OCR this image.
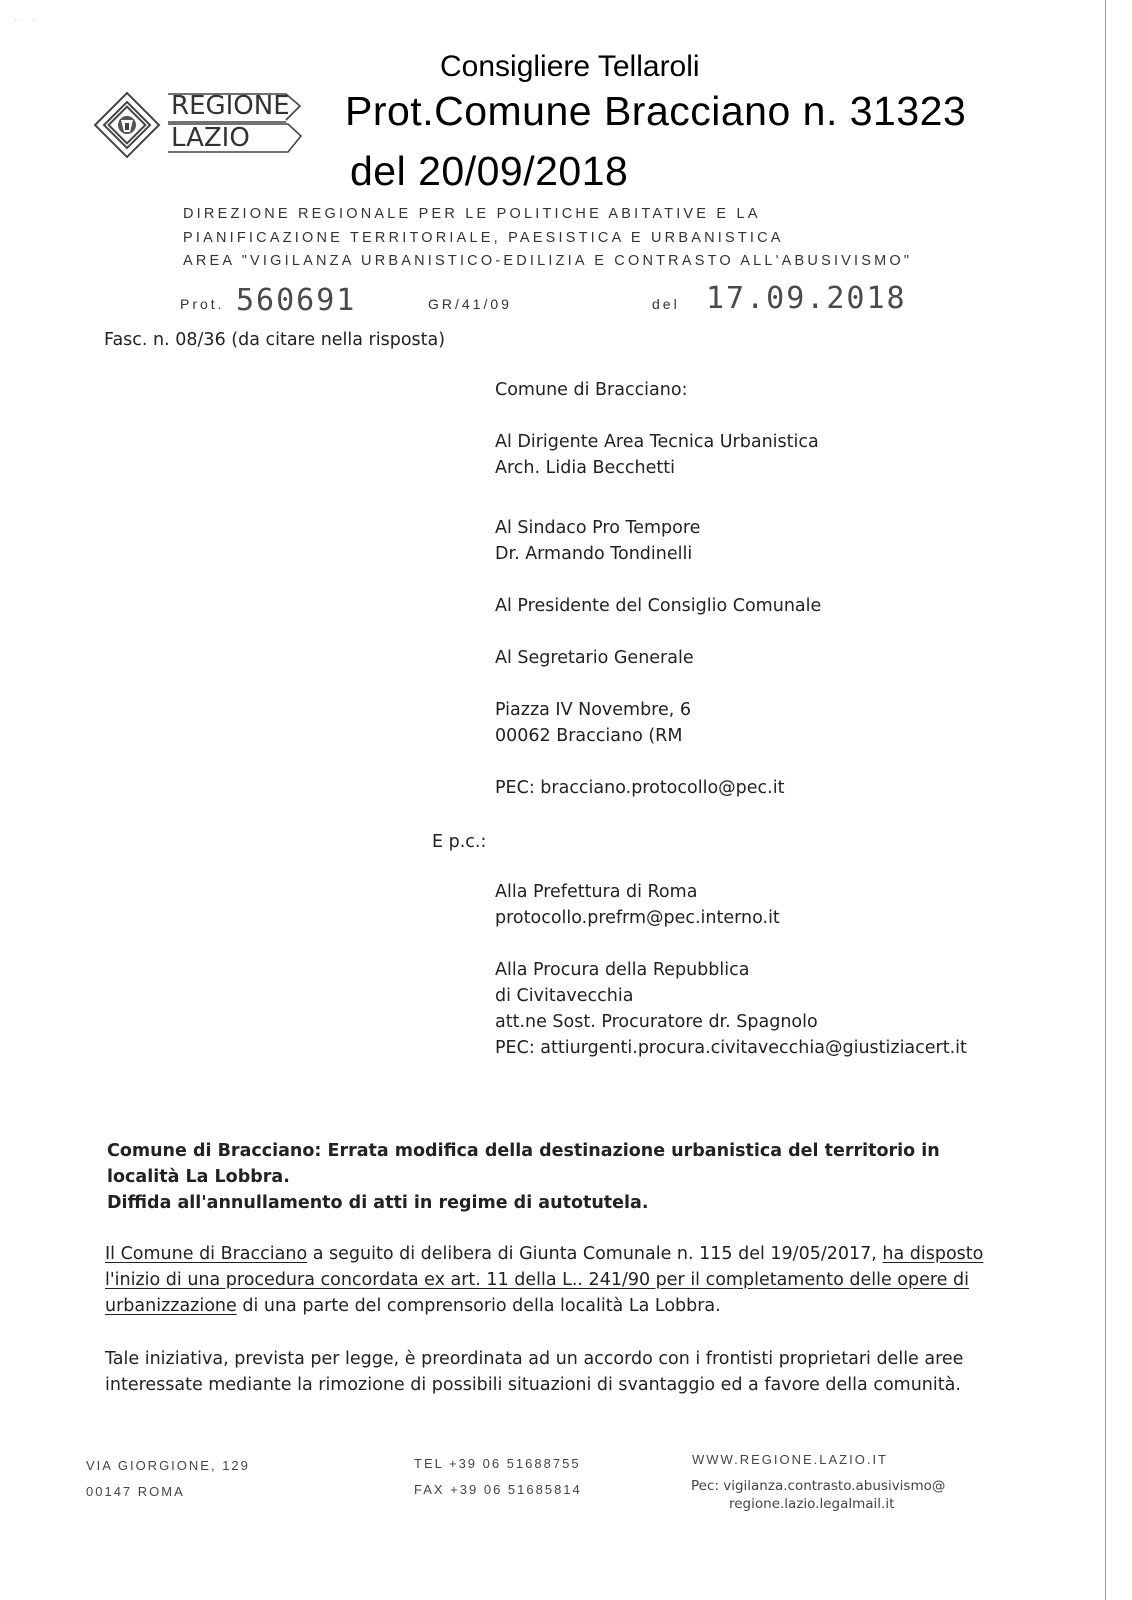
·· ·
Consigliere Tellaroli
Prot.Comune Bracciano n. 31323
del 20/09/2018
REGIONE
LAZIO
DIREZIONE REGIONALE PER LE POLITICHE ABITATIVE E LA
PIANIFICAZIONE TERRITORIALE, PAESISTICA E URBANISTICA
AREA "VIGILANZA URBANISTICO-EDILIZIA E CONTRASTO ALL'ABUSIVISMO"
Prot. 560691	GR/41/09	del 17.09.2018
Fasc. n. 08/36 (da citare nella risposta)
Comune di Bracciano:
Al Dirigente Area Tecnica Urbanistica
Arch. Lidia Becchetti
Al Sindaco Pro Tempore
Dr. Armando Tondinelli
Al Presidente del Consiglio Comunale
Al Segretario Generale
Piazza IV Novembre, 6
00062 Bracciano (RM
PEC: bracciano.protocollo@pec.it
E p.c.:
Alla Prefettura di Roma
protocollo.prefrm@pec.interno.it
Alla Procura della Repubblica
di Civitavecchia
att.ne Sost. Procuratore dr. Spagnolo
PEC: attiurgenti.procura.civitavecchia@giustiziacert.it
Comune di Bracciano: Errata modifica della destinazione urbanistica del territorio in
località La Lobbra.
Diffida all'annullamento di atti in regime di autotutela.
Il Comune di Bracciano a seguito di delibera di Giunta Comunale n. 115 del 19/05/2017, ha disposto
l'inizio di una procedura concordata ex art. 11 della L.. 241/90 per il completamento delle opere di
urbanizzazione di una parte del comprensorio della località La Lobbra.
Tale iniziativa, prevista per legge, è preordinata ad un accordo con i frontisti proprietari delle aree
interessate mediante la rimozione di possibili situazioni di svantaggio ed a favore della comunità.
VIA GIORGIONE, 129
00147 ROMA
TEL +39 06 51688755
FAX +39 06 51685814
WWW.REGIONE.LAZIO.IT
Pec: vigilanza.contrasto.abusivismo@
regione.lazio.legalmail.it
